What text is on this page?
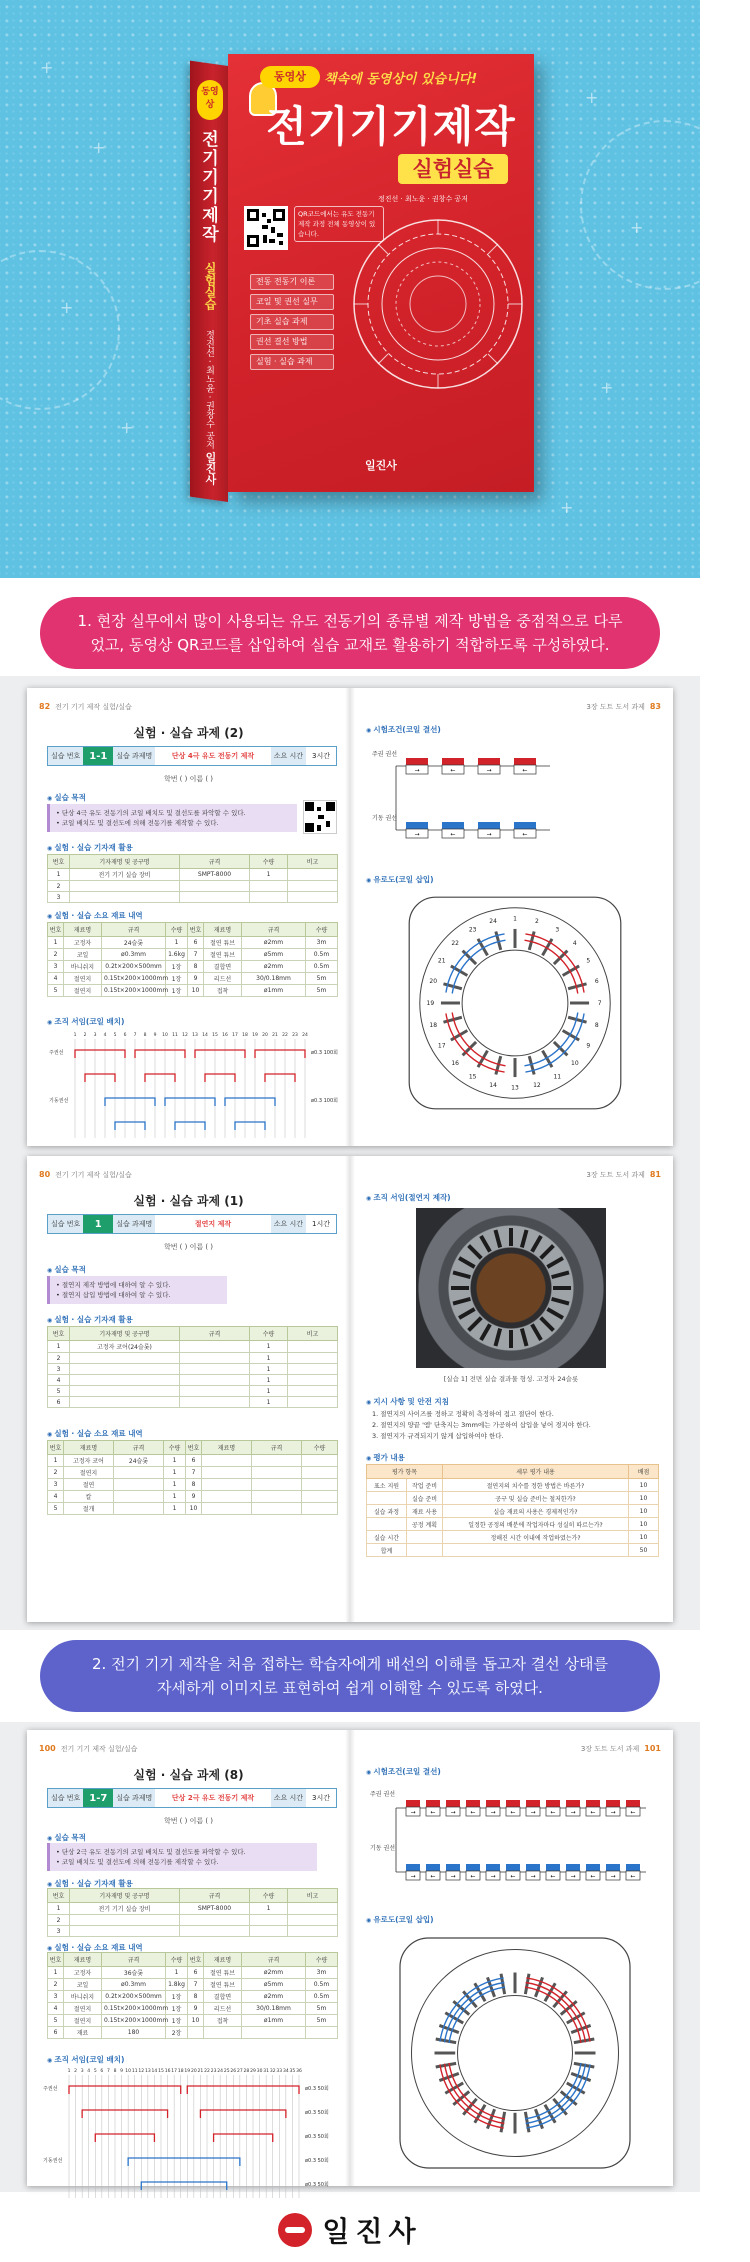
+
+
+
+
+
+
+
+
동영상
전기기기제작
정진선 · 최노윤 · 권창수 공저
실험실습
일진사
동영상	책속에 동영상이 있습니다!
전기기기제작
실험실습
정진선 · 최노윤 · 권창수 공저
QR코드에서는 유도 전동기 제작 과정 전체 동영상이 있습니다.
전동 전동기 이론
코일 및 권선 실무
기초 실습 과제
권선 결선 방법
실험 · 실습 과제
일진사
1. 현장 실무에서 많이 사용되는 유도 전동기의 종류별 제작 방법을 중점적으로 다루
었고, 동영상 QR코드를 삽입하여 실습 교재로 활용하기 적합하도록 구성하였다.
82 전기 기기 제작 실험/실습
실험 · 실습 과제 (2)
실습 번호 1-1	실습 과제명	단상 4극 유도 전동기 제작	소요 시간	3시간
학번 ( ) 이름 ( )
◉ 실습 목적
• 단상 4극 유도 전동기의 코일 배치도 및 결선도를 파악할 수 있다.
• 코일 배치도 및 결선도에 의해 전동기를 제작할 수 있다.
◉ 실험 · 실습 기자재 활용
번호	기자재명 및 공구명	규격	수량	비고
1	전기 기기 실습 장비	SMPT-8000	1	
2				
3				
◉ 실험 · 실습 소요 재료 내역
번호	재료명	규격	수량	번호	재료명	규격	수량
1	고정자	24슬롯	1	6	절연 튜브	ø2mm	3m
2	코일	ø0.3mm	1.6kg	7	절연 튜브	ø5mm	0.5m
3	바니쉬지	0.2t×200×500mm	1장	8	결합면	ø2mm	0.5m
4	절연지	0.15t×200×1000mm	1장	9	리드선	30/0.18mm	5m
5	절연지	0.15t×200×1000mm	1장	10	접착	ø1mm	5m
◉ 조직 서임(코일 배치)
1 2 3 4 5 6 7 8 9 10 11 12 13 14 15 16 17 18 19 20 21 22 23 24
주권선	ø0.3 100회
기동권선	ø0.3 100회
3장 도트 도서 과제 83
◉ 시험조건(코일 결선)
주권 권선
기동 권선
→	←	→	←
→	←	→	←
◉ 유로도(코일 삽입)
1	2
3
4
5
6
7
8
9
10
11
12
13
14
15
16
17
18
19
20
21
22
23
24
80 전기 기기 제작 실험/실습
실험 · 실습 과제 (1)
실습 번호	1	실습 과제명	절연지 제작	소요 시간	1시간
학번 ( ) 이름 ( )
◉ 실습 목적
• 절연지 제작 방법에 대하여 알 수 있다.
• 절연지 삽입 방법에 대하여 알 수 있다.
◉ 실험 · 실습 기자재 활용
번호	기자재명 및 공구명	규격	수량	비고
1	고정자 코어(24슬롯)		1	
2			1	
3			1	
4			1	
5			1	
6			1	
◉ 실험 · 실습 소요 재료 내역
번호	재료명	규격	수량	번호	재료명	규격	수량
1	고정자 코어	24슬롯	1	6			
2	절연지		1	7			
3	절연		1	8			
4	칼		1	9			
5	절개		1	10			
3장 도트 도서 과제 81
◉ 조직 서임(절연지 제작)
[실습 1] 전면 실습 결과물 형성. 고정자 24슬롯
◉ 지시 사항 및 안전 지침
1. 절연지의 사이즈를 정하고 정확히 측정하여 접고 절단이 한다.
2. 절연지의 양끝 '엠' 단축지는 3mm에는 가공하여 삽입을 넣어 경지야 한다.
3. 절연지가 규격되지기 않게 삽입하여야 한다.
◉ 평가 내용
평가 항목		세부 평가 내용	배점
표소 지원	작업 준비	절연지의 치수를 정한 방법은 바른가?	10
	실습 준비	공구 및 실습 준비는 철저한가?	10
실습 과정	재료 사용	실습 재료의 사용은 경제적인가?	10
	공정 계획	일정한 공정의 배분에 작업자마다 성실히 따르는가?	10
실습 시간		정해진 시간 이내에 작업하였는가?	10
합계			50
2. 전기 기기 제작을 처음 접하는 학습자에게 배선의 이해를 돕고자 결선 상태를
자세하게 이미지로 표현하여 쉽게 이해할 수 있도록 하였다.
100 전기 기기 제작 실험/실습
실험 · 실습 과제 (8)
실습 번호 1-7	실습 과제명	단상 2극 유도 전동기 제작	소요 시간	3시간
학번 ( ) 이름 ( )
◉ 실습 목적
• 단상 2극 유도 전동기의 코일 배치도 및 결선도를 파악할 수 있다.
• 코일 배치도 및 결선도에 의해 전동기를 제작할 수 있다.
◉ 실험 · 실습 기자재 활용
번호	기자재명 및 공구명	규격	수량	비고
1	전기 기기 실습 장비	SMPT-8000	1	
2				
3				
◉ 실험 · 실습 소요 재료 내역
번호	재료명	규격	수량	번호	재료명	규격	수량
1	고정자	36슬롯	1	6	절연 튜브	ø2mm	3m
2	코일	ø0.3mm	1.8kg	7	절연 튜브	ø5mm	0.5m
3	바니쉬지	0.2t×200×500mm	1장	8	결합면	ø2mm	0.5m
4	절연지	0.15t×200×1000mm	1장	9	리드선	30/0.18mm	5m
5	절연지	0.15t×200×1000mm	1장	10	접착	ø1mm	5m
6	재료	180	2장				
◉ 조직 서임(코일 배치)
1 2 3 4 5 6 7 8 9 10 11 12 13 14 15 16 17 18 19 20 21 22 23 24 25 26 27 28 29 30 31 32 33 34 35 36
주권선	ø0.3 50회
ø0.3 50회
ø0.3 50회
기동권선	ø0.3 50회
ø0.3 50회
3장 도트 도서 과제 101
◉ 시험조건(코일 결선)
주권 권선
기동 권선
→ ← → ← → ← → ← → ← → ←
→ ← → ← → ← → ← → ← → ←
◉ 유로도(코일 삽입)
일진사
